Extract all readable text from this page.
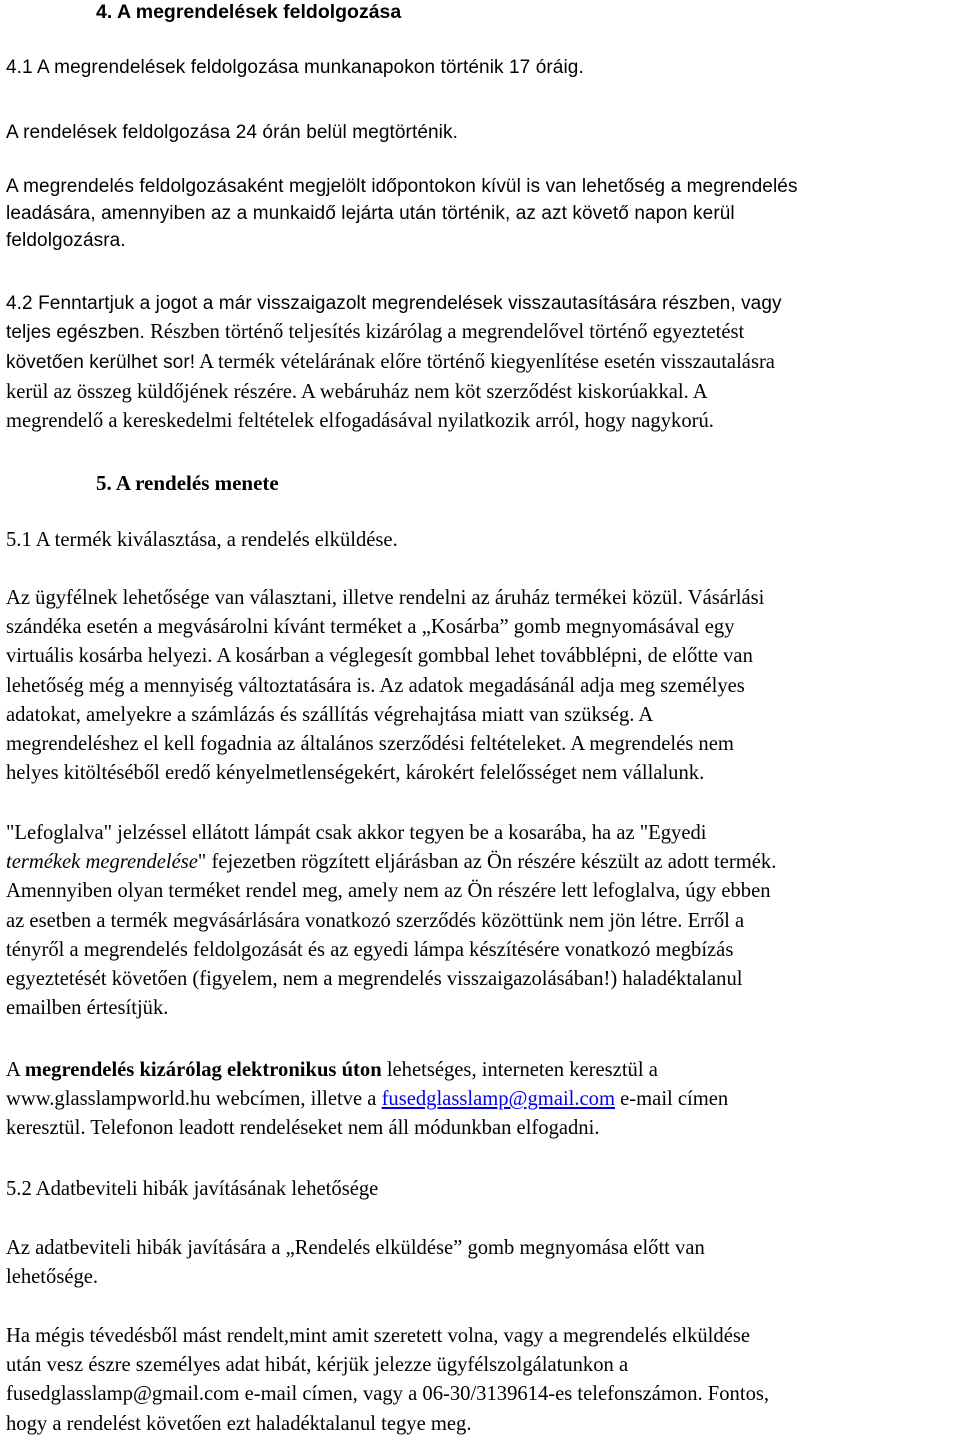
4. A megrendelések feldolgozása

4.1 A megrendelések feldolgozása munkanapokon történik 17 óráig.

A rendelések feldolgozása 24 órán belül megtörténik.

A megrendelés feldolgozásaként megjelölt időpontokon kívül is van lehetőség a megrendelés
leadására, amennyiben az a munkaidő lejárta után történik, az azt követő napon kerül
feldolgozásra.

4.2 Fenntartjuk a jogot a már visszaigazolt megrendelések visszautasítására részben, vagy
teljes egészben. Részben történő teljesítés kizárólag a megrendelővel történő egyeztetést
követően kerülhet sor! A termék vételárának előre történő kiegyenlítése esetén visszautalásra
kerül az összeg küldőjének részére. A webáruház nem köt szerződést kiskorúakkal. A
megrendelő a kereskedelmi feltételek elfogadásával nyilatkozik arról, hogy nagykorú.
5. A rendelés menete

5.1 A termék kiválasztása, a rendelés elküldése.

Az ügyfélnek lehetősége van választani, illetve rendelni az áruház termékei közül. Vásárlási
szándéka esetén a megvásárolni kívánt terméket a „Kosárba” gomb megnyomásával egy
virtuális kosárba helyezi. A kosárban a véglegesít gombbal lehet továbblépni, de előtte van
lehetőség még a mennyiség változtatására is. Az adatok megadásánál adja meg személyes
adatokat, amelyekre a számlázás és szállítás végrehajtása miatt van szükség. A
megrendeléshez el kell fogadnia az általános szerződési feltételeket. A megrendelés nem
helyes kitöltéséből eredő kényelmetlenségekért, károkért felelősséget nem vállalunk.

"Lefoglalva" jelzéssel ellátott lámpát csak akkor tegyen be a kosarába, ha az "Egyedi
termékek megrendelése" fejezetben rögzített eljárásban az Ön részére készült az adott termék.
Amennyiben olyan terméket rendel meg, amely nem az Ön részére lett lefoglalva, úgy ebben
az esetben a termék megvásárlására vonatkozó szerződés közöttünk nem jön létre. Erről a
tényről a megrendelés feldolgozását és az egyedi lámpa készítésére vonatkozó megbízás
egyeztetését követően (figyelem, nem a megrendelés visszaigazolásában!) haladéktalanul
emailben értesítjük.

A megrendelés kizárólag elektronikus úton lehetséges, interneten keresztül a
www.glasslampworld.hu webcímen, illetve a fusedglasslamp@gmail.com e-mail címen
keresztül. Telefonon leadott rendeléseket nem áll módunkban elfogadni.

5.2 Adatbeviteli hibák javításának lehetősége

Az adatbeviteli hibák javítására a „Rendelés elküldése” gomb megnyomása előtt van
lehetősége.

Ha mégis tévedésből mást rendelt,mint amit szeretett volna, vagy a megrendelés elküldése
után vesz észre személyes adat hibát, kérjük jelezze ügyfélszolgálatunkon a
fusedglasslamp@gmail.com e-mail címen, vagy a 06-30/3139614-es telefonszámon. Fontos,
hogy a rendelést követően ezt haladéktalanul tegye meg.
